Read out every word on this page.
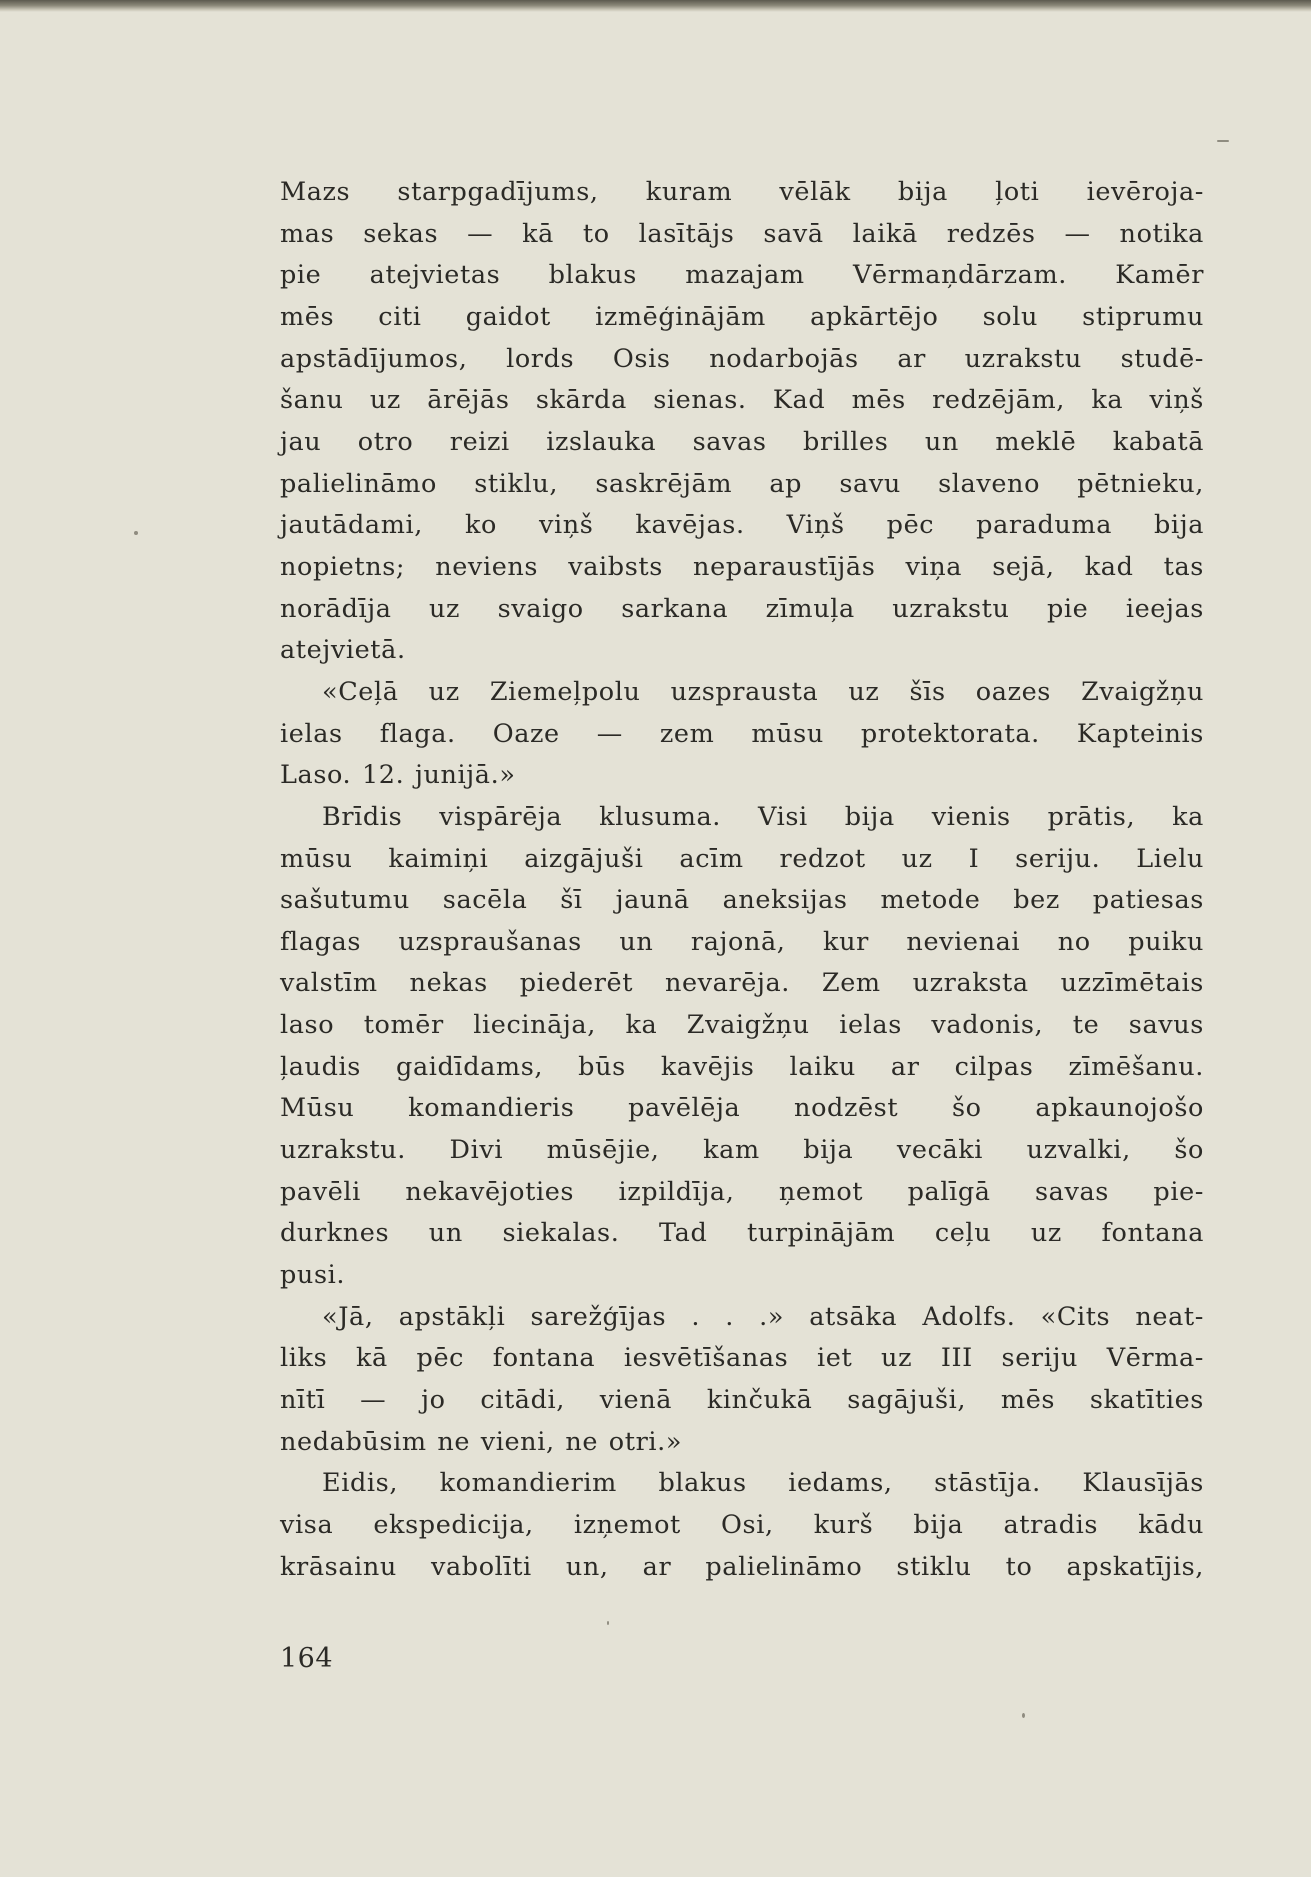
Mazs starpgadījums, kuram vēlāk bija ļoti ievēroja-
mas sekas — kā to lasītājs savā laikā redzēs — notika
pie atejvietas blakus mazajam Vērmaņdārzam. Kamēr
mēs citi gaidot izmēģinājām apkārtējo solu stiprumu
apstādījumos, lords Osis nodarbojās ar uzrakstu studē-
šanu uz ārējās skārda sienas. Kad mēs redzējām, ka viņš
jau otro reizi izslauka savas brilles un meklē kabatā
palielināmo stiklu, saskrējām ap savu slaveno pētnieku,
jautādami, ko viņš kavējas. Viņš pēc paraduma bija
nopietns; neviens vaibsts neparaustījās viņa sejā, kad tas
norādīja uz svaigo sarkana zīmuļa uzrakstu pie ieejas
atejvietā.
«Ceļā uz Ziemeļpolu uzsprausta uz šīs oazes Zvaigžņu
ielas flaga. Oaze — zem mūsu protektorata. Kapteinis
Laso. 12. junijā.»
Brīdis vispārēja klusuma. Visi bija vienis prātis, ka
mūsu kaimiņi aizgājuši acīm redzot uz I seriju. Lielu
sašutumu sacēla šī jaunā aneksijas metode bez patiesas
flagas uzspraušanas un rajonā, kur nevienai no puiku
valstīm nekas piederēt nevarēja. Zem uzraksta uzzīmētais
laso tomēr liecināja, ka Zvaigžņu ielas vadonis, te savus
ļaudis gaidīdams, būs kavējis laiku ar cilpas zīmēšanu.
Mūsu komandieris pavēlēja nodzēst šo apkaunojošo
uzrakstu. Divi mūsējie, kam bija vecāki uzvalki, šo
pavēli nekavējoties izpildīja, ņemot palīgā savas pie-
durknes un siekalas. Tad turpinājām ceļu uz fontana
pusi.
«Jā, apstākļi sarežģījas . . .» atsāka Adolfs. «Cits neat-
liks kā pēc fontana iesvētīšanas iet uz III seriju Vērma-
nītī — jo citādi, vienā kinčukā sagājuši, mēs skatīties
nedabūsim ne vieni, ne otri.»
Eidis, komandierim blakus iedams, stāstīja. Klausījās
visa ekspedicija, izņemot Osi, kurš bija atradis kādu
krāsainu vabolīti un, ar palielināmo stiklu to apskatījis,
164
